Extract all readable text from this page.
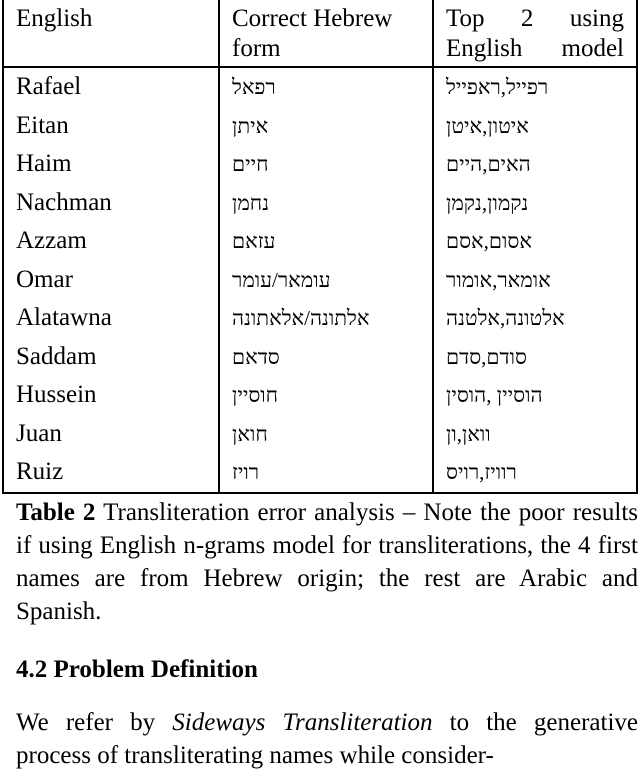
English	Correct Hebrew form	Top 2 using English model
Rafael	רפאל	רפייל,ראפייל
Eitan	איתן	איטון,איטן
Haim	חיים	האים,היים
Nachman	נחמן	נקמון,נקמן
Azzam	עזאם	אסום,אסם
Omar	עומאר/עומר	אומאר,אומור
Alatawna	אלתונה/אלאתונה	אלטונה,אלטנה
Saddam	סדאם	סודם,סדם
Hussein	חוסיין	הוסיין ,הוסין
Juan	חואן	וואן,ון
Ruiz	רויז	רוויז,רויס
Table 2 Transliteration error analysis – Note the poor results if using English n-grams model for transliterations, the 4 first names are from Hebrew origin; the rest are Arabic and Spanish.
4.2 Problem Definition
We refer by Sideways Transliteration to the generative process of transliterating names while consider-
